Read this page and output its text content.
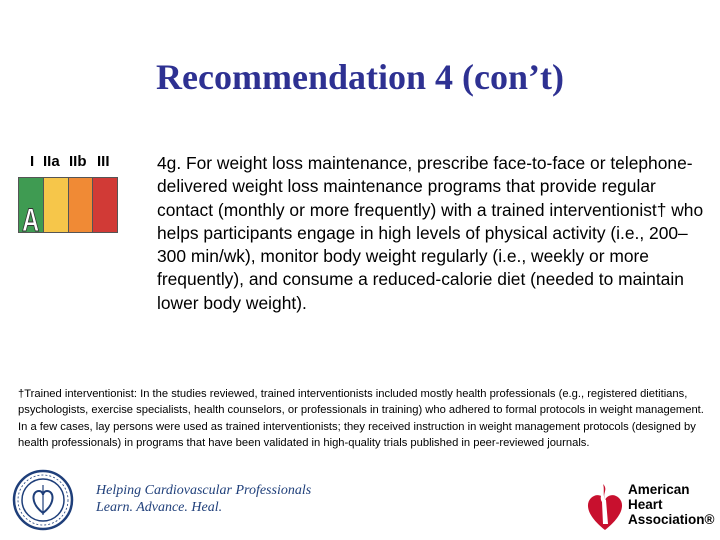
Recommendation 4 (con’t)
I IIa IIb III
A

4g. For weight loss maintenance, prescribe face-to-face or telephone-delivered weight loss maintenance programs that provide regular contact (monthly or more frequently) with a trained interventionist† who helps participants engage in high levels of physical activity (i.e., 200–300 min/wk), monitor body weight regularly (i.e., weekly or more frequently), and consume a reduced-calorie diet (needed to maintain lower body weight).

†Trained interventionist: In the studies reviewed, trained interventionists included mostly health professionals (e.g., registered dietitians, psychologists, exercise specialists, health counselors, or professionals in training) who adhered to formal protocols in weight management. In a few cases, lay persons were used as trained interventionists; they received instruction in weight management protocols (designed by health professionals) in programs that have been validated in high-quality trials published in peer-reviewed journals.

Helping Cardiovascular Professionals
Learn. Advance. Heal.
American
Heart
Association®
